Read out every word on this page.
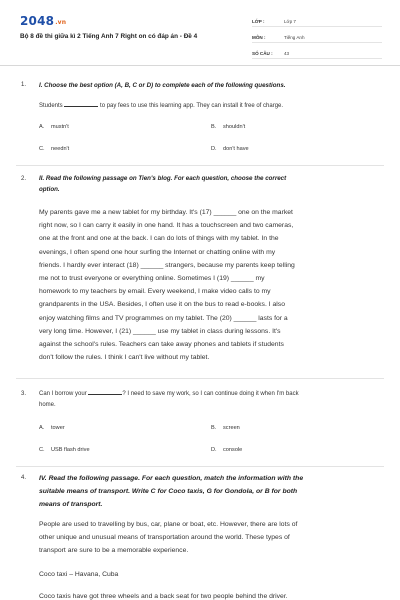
2048.vn
Bộ 8 đề thi giữa kì 2 Tiếng Anh 7 Right on có đáp án - Đề 4
LỚP :	Lớp 7
MÔN :	Tiếng Anh
SỐ CÂU :	43
1. I. Choose the best option (A, B, C or D) to complete each of the following questions.
Students	to pay fees to use this learning app. They can install it free of charge.
A. mustn't	B. shouldn't
C. needn't	D. don't have
2. II. Read the following passage on Tien's blog. For each question, choose the correct
option.

My parents gave me a new tablet for my birthday. It's (17) ______ one on the market

right now, so I can carry it easily in one hand. It has a touchscreen and two cameras,

one at the front and one at the back. I can do lots of things with my tablet. In the

evenings, I often spend one hour surfing the Internet or chatting online with my

friends. I hardly ever interact (18) ______ strangers, because my parents keep telling

me not to trust everyone or everything online. Sometimes I (19) ______ my

homework to my teachers by email. Every weekend, I make video calls to my

grandparents in the USA. Besides, I often use it on the bus to read e-books. I also

enjoy watching films and TV programmes on my tablet. The (20) ______ lasts for a

very long time. However, I (21) ______ use my tablet in class during lessons. It's

against the school's rules. Teachers can take away phones and tablets if students

don't follow the rules. I think I can't live without my tablet.

3. Can I borrow your	? I need to save my work, so I can continue doing it when I'm back
home.
A. tower	B. screen
C. USB flash drive	D. console
4. IV. Read the following passage. For each question, match the information with the
suitable means of transport. Write C for Coco taxis, G for Gondola, or B for both
means of transport.

People are used to travelling by bus, car, plane or boat, etc. However, there are lots of

other unique and unusual means of transportation around the world. These types of

transport are sure to be a memorable experience.

Coco taxi – Havana, Cuba
Coco taxis have got three wheels and a back seat for two people behind the driver.
